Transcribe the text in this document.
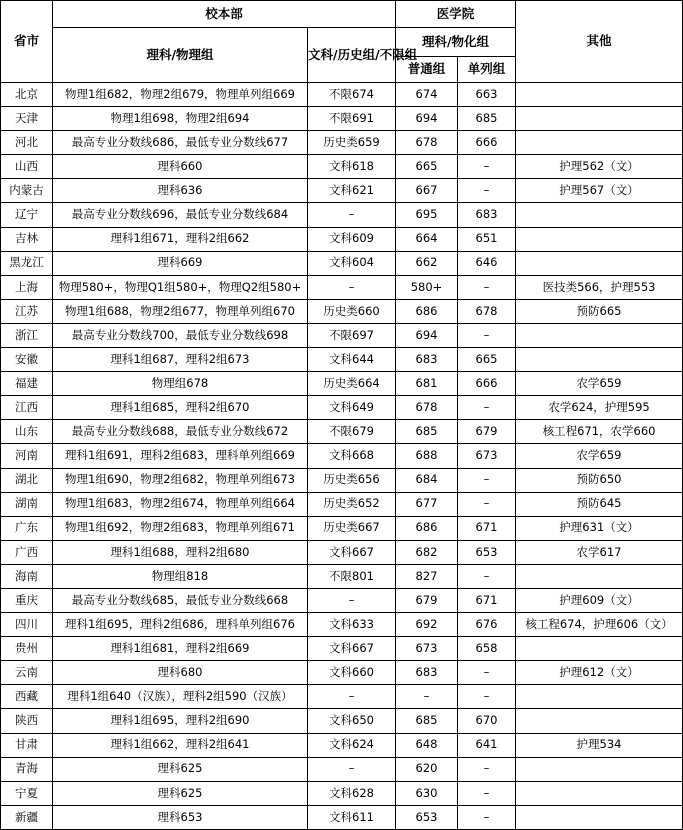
省市	校本部		医学院		其他
	理科/物理组	文科/历史组/不限组	理科/物化组		
			普通组	单列组	
北京	物理1组682，物理2组679，物理单列组669	不限674	674	663	
天津	物理1组698，物理2组694	不限691	694	685	
河北	最高专业分数线686，最低专业分数线677	历史类659	678	666	
山西	理科660	文科618	665	–	护理562（文）
内蒙古	理科636	文科621	667	–	护理567（文）
辽宁	最高专业分数线696，最低专业分数线684	–	695	683	
吉林	理科1组671，理科2组662	文科609	664	651	
黑龙江	理科669	文科604	662	646	
上海	物理580+，物理Q1组580+，物理Q2组580+	–	580+	–	医技类566，护理553
江苏	物理1组688，物理2组677，物理单列组670	历史类660	686	678	预防665
浙江	最高专业分数线700，最低专业分数线698	不限697	694	–	
安徽	理科1组687，理科2组673	文科644	683	665	
福建	物理组678	历史类664	681	666	农学659
江西	理科1组685，理科2组670	文科649	678	–	农学624，护理595
山东	最高专业分数线688，最低专业分数线672	不限679	685	679	核工程671，农学660
河南	理科1组691，理科2组683，理科单列组669	文科668	688	673	农学659
湖北	物理1组690，物理2组682，物理单列组673	历史类656	684	–	预防650
湖南	物理1组683，物理2组674，物理单列组664	历史类652	677	–	预防645
广东	物理1组692，物理2组683，物理单列组671	历史类667	686	671	护理631（文）
广西	理科1组688，理科2组680	文科667	682	653	农学617
海南	物理组818	不限801	827	–	
重庆	最高专业分数线685，最低专业分数线668	–	679	671	护理609（文）
四川	理科1组695，理科2组686，理科单列组676	文科633	692	676	核工程674，护理606（文）
贵州	理科1组681，理科2组669	文科667	673	658	
云南	理科680	文科660	683	–	护理612（文）
西藏	理科1组640（汉族），理科2组590（汉族）	–	–	–	
陕西	理科1组695，理科2组690	文科650	685	670	
甘肃	理科1组662，理科2组641	文科624	648	641	护理534
青海	理科625	–	620	–	
宁夏	理科625	文科628	630	–	
新疆	理科653	文科611	653	–	
